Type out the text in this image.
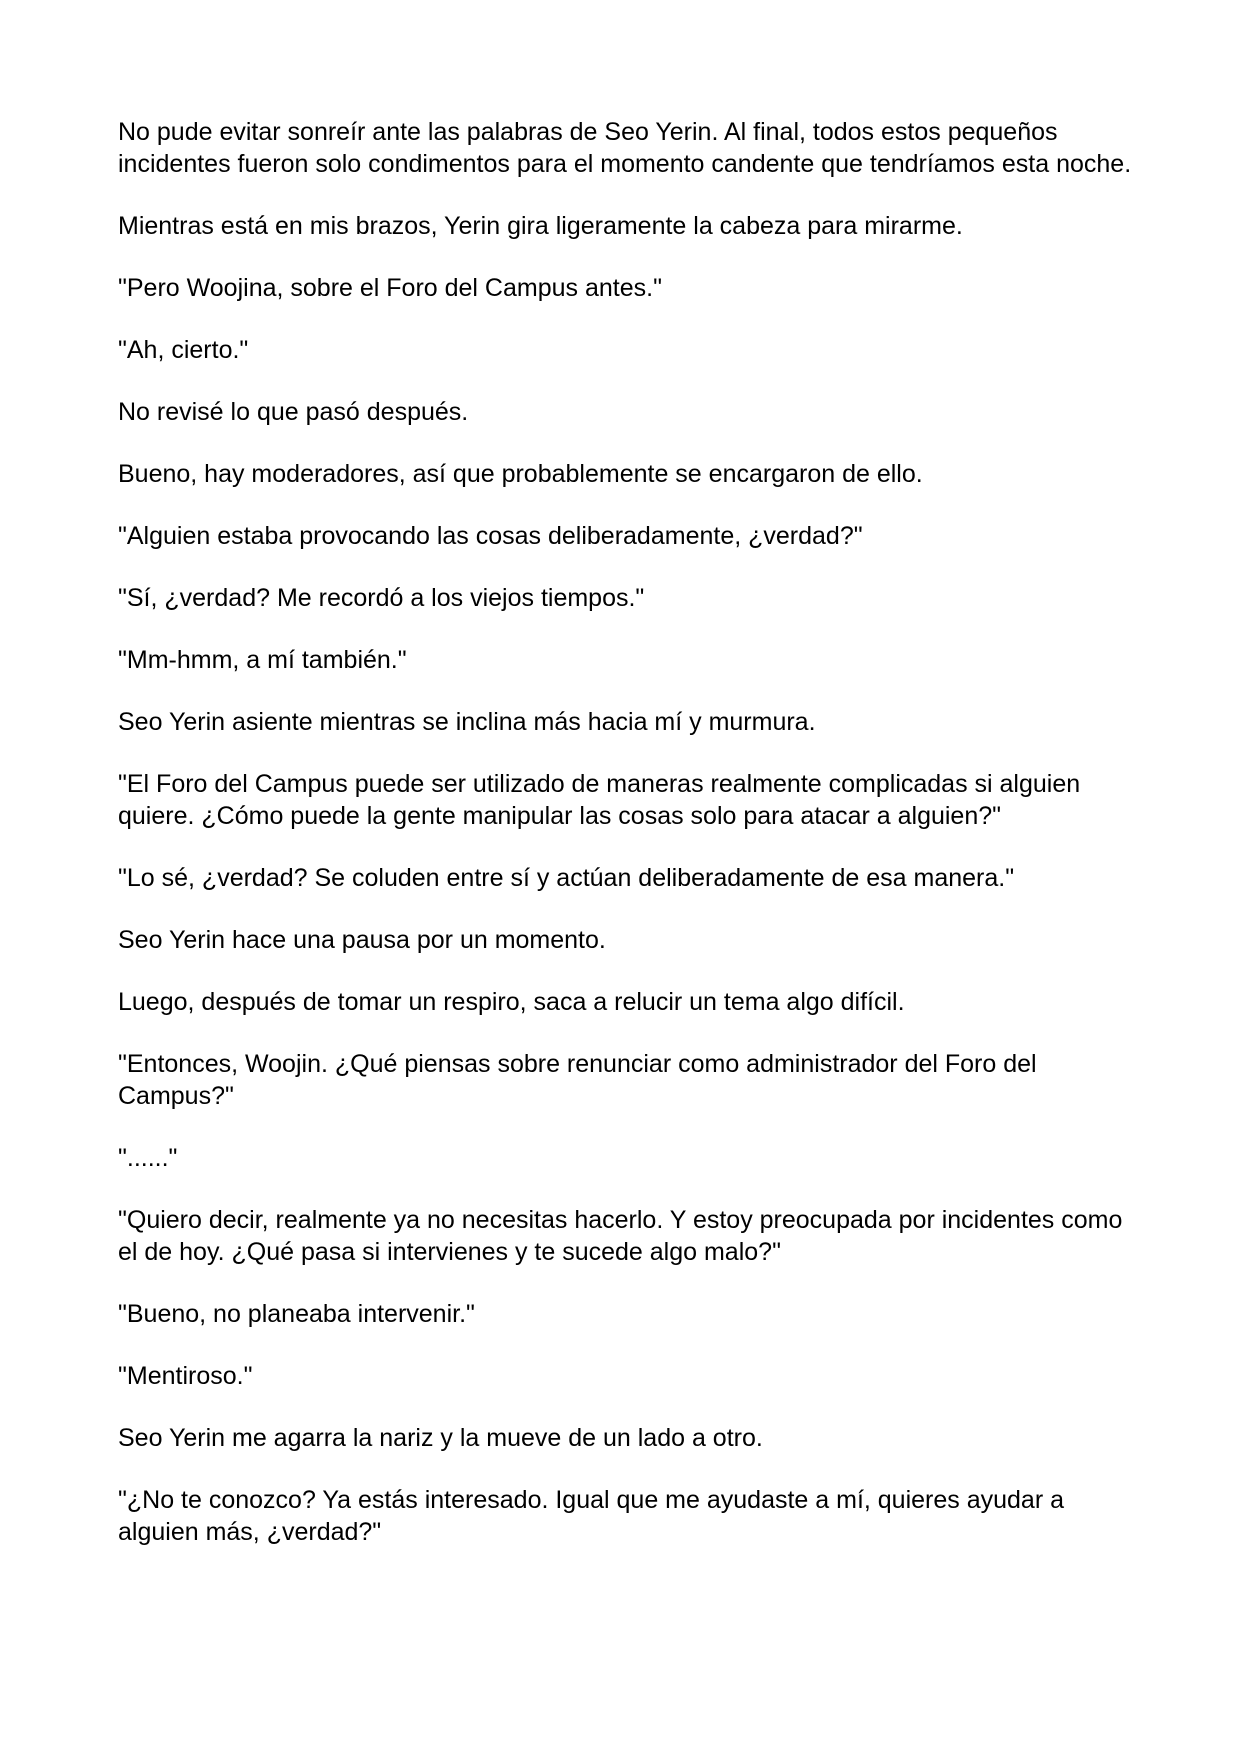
No pude evitar sonreír ante las palabras de Seo Yerin. Al final, todos estos pequeños incidentes fueron solo condimentos para el momento candente que tendríamos esta noche.

Mientras está en mis brazos, Yerin gira ligeramente la cabeza para mirarme.

"Pero Woojina, sobre el Foro del Campus antes."

"Ah, cierto."

No revisé lo que pasó después.

Bueno, hay moderadores, así que probablemente se encargaron de ello.

"Alguien estaba provocando las cosas deliberadamente, ¿verdad?"

"Sí, ¿verdad? Me recordó a los viejos tiempos."

"Mm-hmm, a mí también."

Seo Yerin asiente mientras se inclina más hacia mí y murmura.

"El Foro del Campus puede ser utilizado de maneras realmente complicadas si alguien quiere. ¿Cómo puede la gente manipular las cosas solo para atacar a alguien?"

"Lo sé, ¿verdad? Se coluden entre sí y actúan deliberadamente de esa manera."

Seo Yerin hace una pausa por un momento.

Luego, después de tomar un respiro, saca a relucir un tema algo difícil.

"Entonces, Woojin. ¿Qué piensas sobre renunciar como administrador del Foro del Campus?"

"......"

"Quiero decir, realmente ya no necesitas hacerlo. Y estoy preocupada por incidentes como el de hoy. ¿Qué pasa si intervienes y te sucede algo malo?"

"Bueno, no planeaba intervenir."

"Mentiroso."

Seo Yerin me agarra la nariz y la mueve de un lado a otro.

"¿No te conozco? Ya estás interesado. Igual que me ayudaste a mí, quieres ayudar a alguien más, ¿verdad?"
